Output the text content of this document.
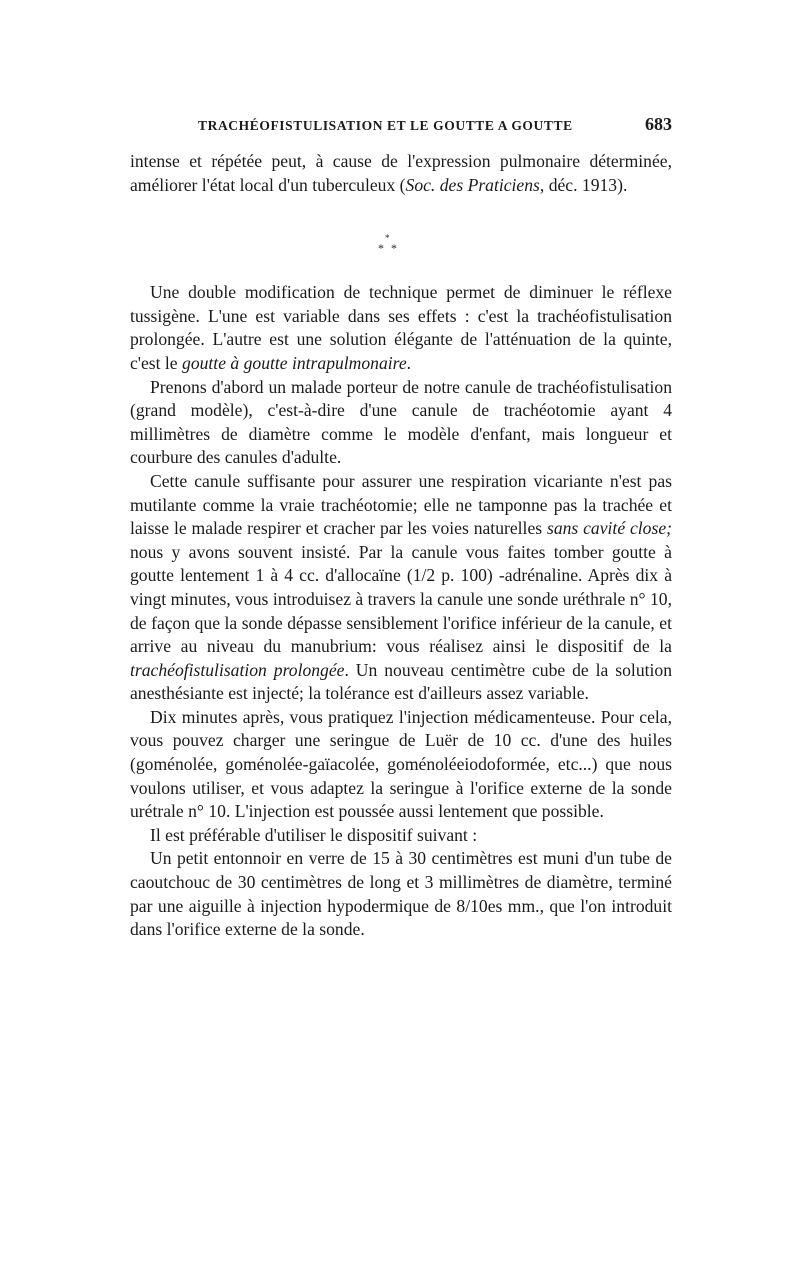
TRACHÉOFISTULISATION ET LE GOUTTE A GOUTTE	683

intense et répétée peut, à cause de l'expression pulmonaire déterminée, améliorer l'état local d'un tuberculeux (Soc. des Praticiens, déc. 1913).

*
* *

Une double modification de technique permet de diminuer le réflexe tussigène. L'une est variable dans ses effets : c'est la trachéofistulisation prolongée. L'autre est une solution élégante de l'atténuation de la quinte, c'est le goutte à goutte intrapulmonaire.

Prenons d'abord un malade porteur de notre canule de trachéofistulisation (grand modèle), c'est-à-dire d'une canule de trachéotomie ayant 4 millimètres de diamètre comme le modèle d'enfant, mais longueur et courbure des canules d'adulte.

Cette canule suffisante pour assurer une respiration vicariante n'est pas mutilante comme la vraie trachéotomie; elle ne tamponne pas la trachée et laisse le malade respirer et cracher par les voies naturelles sans cavité close; nous y avons souvent insisté. Par la canule vous faites tomber goutte à goutte lentement 1 à 4 cc. d'allocaïne (1/2 p. 100) -adrénaline. Après dix à vingt minutes, vous introduisez à travers la canule une sonde uréthrale n° 10, de façon que la sonde dépasse sensiblement l'orifice inférieur de la canule, et arrive au niveau du manubrium: vous réalisez ainsi le dispositif de la trachéofistulisation prolongée. Un nouveau centimètre cube de la solution anesthésiante est injecté; la tolérance est d'ailleurs assez variable.

Dix minutes après, vous pratiquez l'injection médicamenteuse. Pour cela, vous pouvez charger une seringue de Luër de 10 cc. d'une des huiles (goménolée, goménolée-gaïacolée, goménoléeiodoformée, etc...) que nous voulons utiliser, et vous adaptez la seringue à l'orifice externe de la sonde urétrale n° 10. L'injection est poussée aussi lentement que possible.

Il est préférable d'utiliser le dispositif suivant :

Un petit entonnoir en verre de 15 à 30 centimètres est muni d'un tube de caoutchouc de 30 centimètres de long et 3 millimètres de diamètre, terminé par une aiguille à injection hypodermique de 8/10es mm., que l'on introduit dans l'orifice externe de la sonde.
